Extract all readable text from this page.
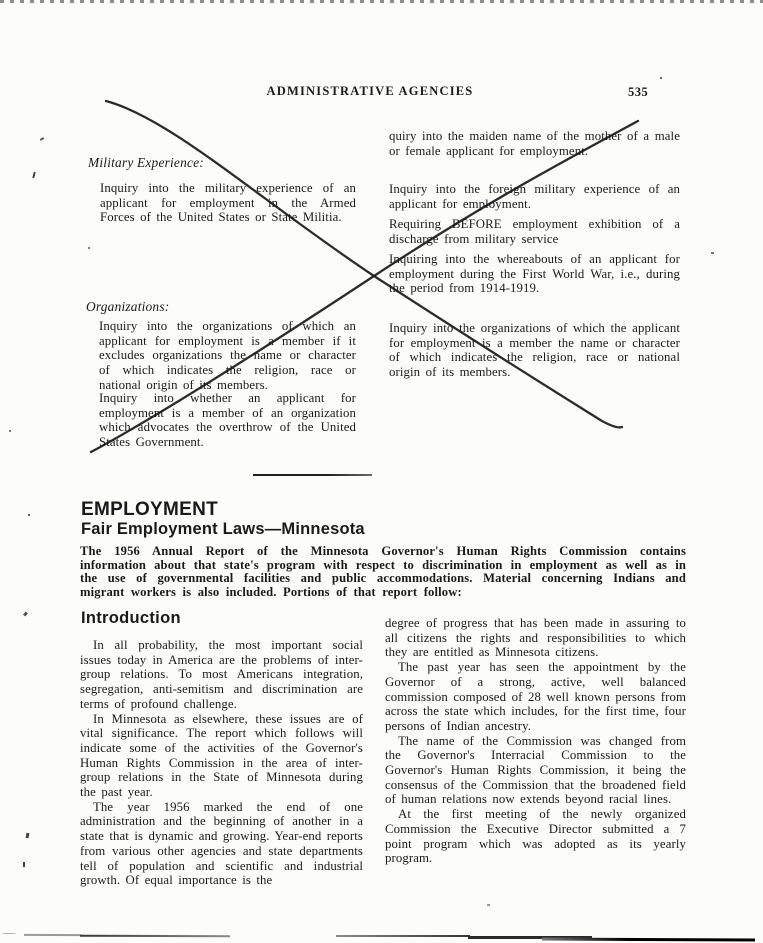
ADMINISTRATIVE AGENCIES	535
Military Experience:
Inquiry into the military experience of an applicant for employment in the Armed Forces of the United States or State Militia.
Organizations:
Inquiry into the organizations of which an applicant for employment is a member if it excludes organizations the name or character of which indicates the religion, race or national origin of its members.
Inquiry into whether an applicant for employment is a member of an organization which advocates the overthrow of the United States Government.
quiry into the maiden name of the mother of a male or female applicant for employment.
Inquiry into the foreign military experience of an applicant for employment.
Requiring BEFORE employment exhibition of a discharge from military service
Inquiring into the whereabouts of an applicant for employment during the First World War, i.e., during the period from 1914-1919.
Inquiry into the organizations of which the applicant for employment is a member the name or character of which indicates the religion, race or national origin of its members.
EMPLOYMENT
Fair Employment Laws—Minnesota
The 1956 Annual Report of the Minnesota Governor's Human Rights Commission contains information about that state's program with respect to discrimination in employment as well as in the use of governmental facilities and public accommodations. Material concerning Indians and migrant workers is also included. Portions of that report follow:
Introduction

In all probability, the most important social issues today in America are the problems of inter-group relations. To most Americans integration, segregation, anti-semitism and discrimination are terms of profound challenge.

In Minnesota as elsewhere, these issues are of vital significance. The report which follows will indicate some of the activities of the Governor's Human Rights Commission in the area of inter-group relations in the State of Minnesota during the past year.

The year 1956 marked the end of one administration and the beginning of another in a state that is dynamic and growing. Year-end reports from various other agencies and state departments tell of population and scientific and industrial growth. Of equal importance is the

degree of progress that has been made in assuring to all citizens the rights and responsibilities to which they are entitled as Minnesota citizens.

The past year has seen the appointment by the Governor of a strong, active, well balanced commission composed of 28 well known persons from across the state which includes, for the first time, four persons of Indian ancestry.

The name of the Commission was changed from the Governor's Interracial Commission to the Governor's Human Rights Commission, it being the consensus of the Commission that the broadened field of human relations now extends beyond racial lines.

At the first meeting of the newly organized Commission the Executive Director submitted a 7 point program which was adopted as its yearly program.
